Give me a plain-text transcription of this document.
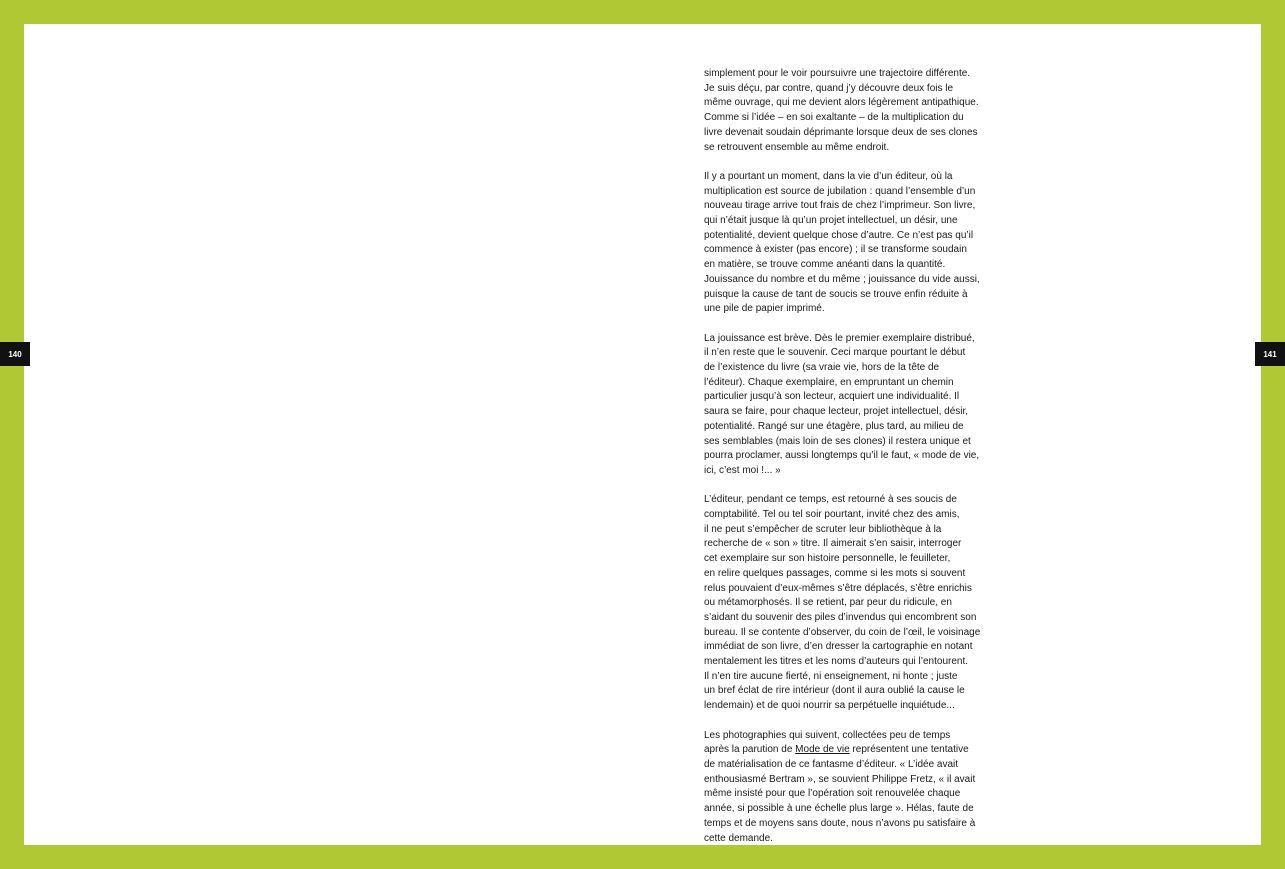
simplement pour le voir poursuivre une trajectoire différente.
Je suis déçu, par contre, quand j’y découvre deux fois le
même ouvrage, qui me devient alors légèrement antipathique.
Comme si l’idée – en soi exaltante – de la multiplication du
livre devenait soudain déprimante lorsque deux de ses clones
se retrouvent ensemble au même endroit.

Il y a pourtant un moment, dans la vie d’un éditeur, où la
multiplication est source de jubilation : quand l’ensemble d’un
nouveau tirage arrive tout frais de chez l’imprimeur. Son livre,
qui n’était jusque là qu’un projet intellectuel, un désir, une
potentialité, devient quelque chose d’autre. Ce n’est pas qu’il
commence à exister (pas encore) ; il se transforme soudain
en matière, se trouve comme anéanti dans la quantité.
Jouissance du nombre et du même ; jouissance du vide aussi,
puisque la cause de tant de soucis se trouve enfin réduite à
une pile de papier imprimé.

La jouissance est brève. Dès le premier exemplaire distribué,
il n’en reste que le souvenir. Ceci marque pourtant le début
de l’existence du livre (sa vraie vie, hors de la tête de
l’éditeur). Chaque exemplaire, en empruntant un chemin
particulier jusqu’à son lecteur, acquiert une individualité. Il
saura se faire, pour chaque lecteur, projet intellectuel, désir,
potentialité. Rangé sur une étagère, plus tard, au milieu de
ses semblables (mais loin de ses clones) il restera unique et
pourra proclamer, aussi longtemps qu’il le faut, « mode de vie,
ici, c’est moi !... »

L’éditeur, pendant ce temps, est retourné à ses soucis de
comptabilité. Tel ou tel soir pourtant, invité chez des amis,
il ne peut s’empêcher de scruter leur bibliothèque à la
recherche de « son » titre. Il aimerait s’en saisir, interroger
cet exemplaire sur son histoire personnelle, le feuilleter,
en relire quelques passages, comme si les mots si souvent
relus pouvaient d’eux-mêmes s’être déplacés, s’être enrichis
ou métamorphosés. Il se retient, par peur du ridicule, en
s’aidant du souvenir des piles d’invendus qui encombrent son
bureau. Il se contente d’observer, du coin de l’œil, le voisinage
immédiat de son livre, d’en dresser la cartographie en notant
mentalement les titres et les noms d’auteurs qui l’entourent.
Il n’en tire aucune fierté, ni enseignement, ni honte ; juste
un bref éclat de rire intérieur (dont il aura oublié la cause le
lendemain) et de quoi nourrir sa perpétuelle inquiétude...

Les photographies qui suivent, collectées peu de temps
après la parution de Mode de vie représentent une tentative
de matérialisation de ce fantasme d’éditeur. « L’idée avait
enthousiasmé Bertram », se souvient Philippe Fretz, « il avait
même insisté pour que l’opération soit renouvelée chaque
année, si possible à une échelle plus large ». Hélas, faute de
temps et de moyens sans doute, nous n’avons pu satisfaire à
cette demande.

140	141
